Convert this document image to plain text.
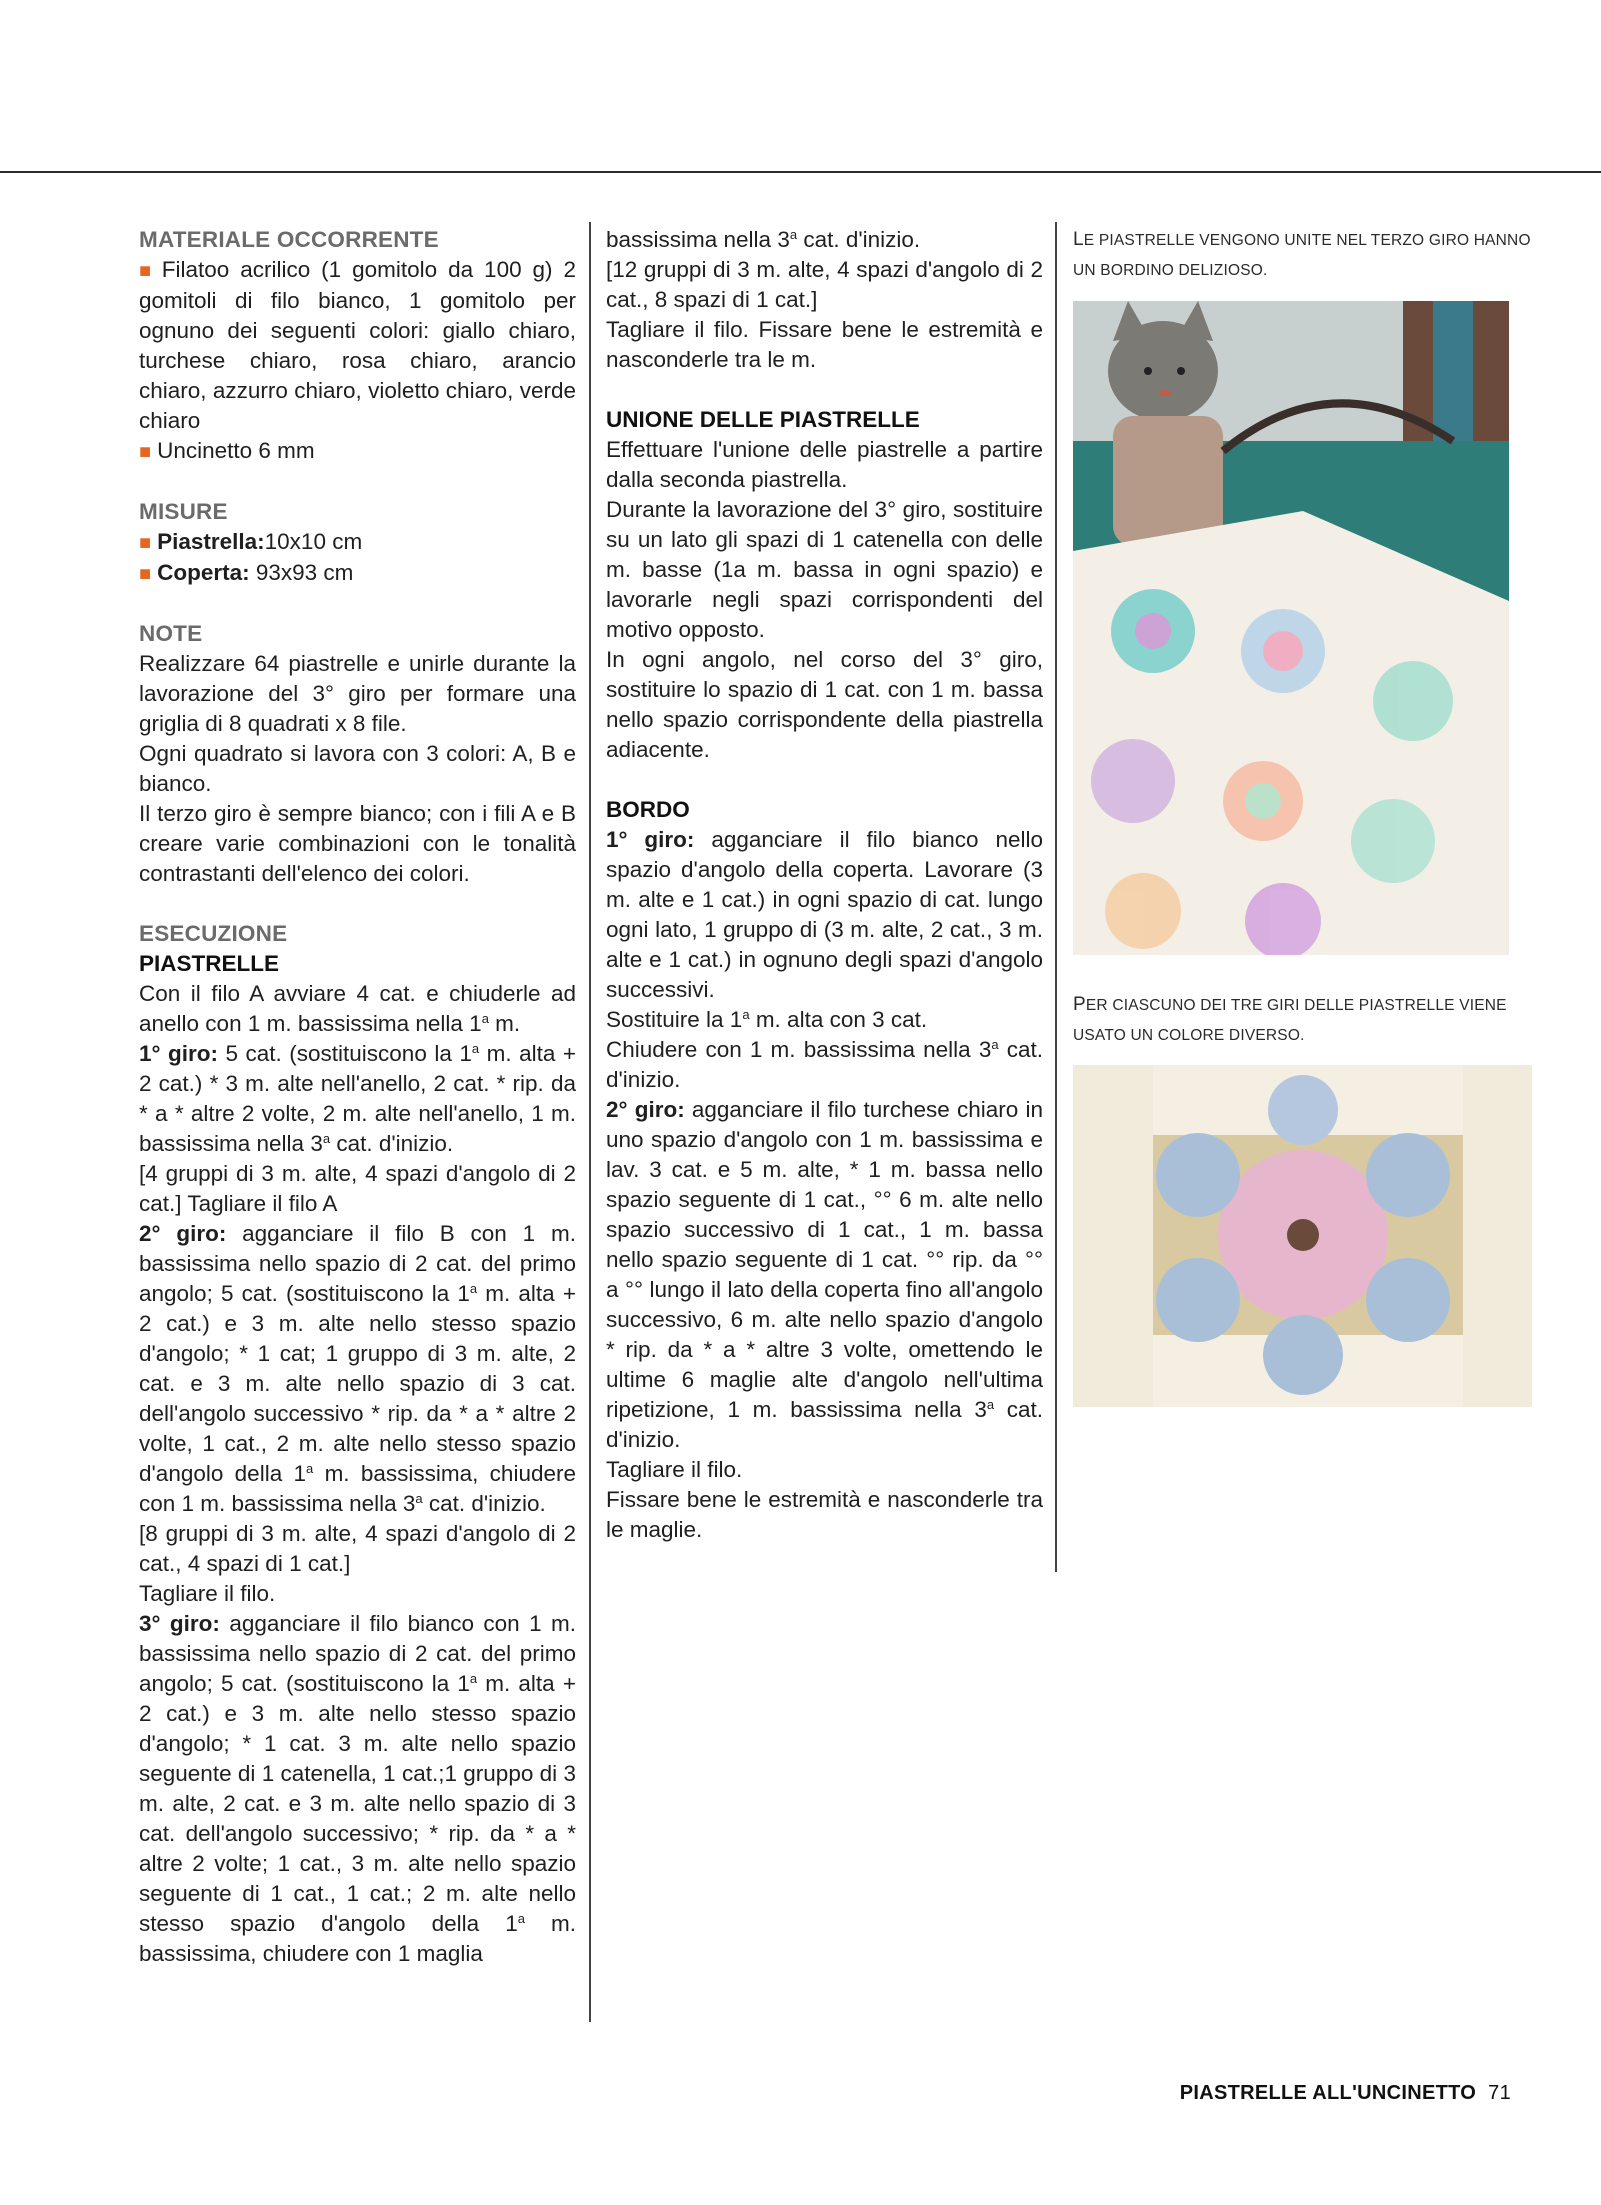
MATERIALE OCCORRENTE

■ Filatoo acrilico (1 gomitolo da 100 g) 2 gomitoli di filo bianco, 1 gomitolo per ognuno dei seguenti colori: giallo chiaro, turchese chiaro, rosa chiaro, arancio chiaro, azzurro chiaro, violetto chiaro, verde chiaro

■ Uncinetto 6 mm

MISURE

■ Piastrella:10x10 cm

■ Coperta: 93x93 cm

NOTE

Realizzare 64 piastrelle e unirle durante la lavorazione del 3° giro per formare una griglia di 8 quadrati x 8 file.

Ogni quadrato si lavora con 3 colori: A, B e bianco.

Il terzo giro è sempre bianco; con i fili A e B creare varie combinazioni con le tonalità contrastanti dell'elenco dei colori.

ESECUZIONE

PIASTRELLE

Con il filo A avviare 4 cat. e chiuderle ad anello con 1 m. bassissima nella 1$^a$ m.

1° giro: 5 cat. (sostituiscono la 1$^a$ m. alta + 2 cat.) * 3 m. alte nell'anello, 2 cat. * rip. da * a * altre 2 volte, 2 m. alte nell'anello, 1 m. bassissima nella 3$^a$ cat. d'inizio.

[4 gruppi di 3 m. alte, 4 spazi d'angolo di 2 cat.] Tagliare il filo A

2° giro: agganciare il filo B con 1 m. bassissima nello spazio di 2 cat. del primo angolo; 5 cat. (sostituiscono la 1$^a$ m. alta + 2 cat.) e 3 m. alte nello stesso spazio d'angolo; * 1 cat; 1 gruppo di 3 m. alte, 2 cat. e 3 m. alte nello spazio di 3 cat. dell'angolo successivo * rip. da * a * altre 2 volte, 1 cat., 2 m. alte nello stesso spazio d'angolo della 1$^a$ m. bassissima, chiudere con 1 m. bassissima nella 3$^a$ cat. d'inizio.

[8 gruppi di 3 m. alte, 4 spazi d'angolo di 2 cat., 4 spazi di 1 cat.]

Tagliare il filo.

3° giro: agganciare il filo bianco con 1 m. bassissima nello spazio di 2 cat. del primo angolo; 5 cat. (sostituiscono la 1$^a$ m. alta + 2 cat.) e 3 m. alte nello stesso spazio d'angolo; * 1 cat. 3 m. alte nello spazio seguente di 1 catenella, 1 cat.;1 gruppo di 3 m. alte, 2 cat. e 3 m. alte nello spazio di 3 cat. dell'angolo successivo; * rip. da * a * altre 2 volte; 1 cat., 3 m. alte nello spazio seguente di 1 cat., 1 cat.; 2 m. alte nello stesso spazio d'angolo della 1$^a$ m. bassissima, chiudere con 1 maglia

bassissima nella 3$^a$ cat. d'inizio.

[12 gruppi di 3 m. alte, 4 spazi d'angolo di 2 cat., 8 spazi di 1 cat.]

Tagliare il filo. Fissare bene le estremità e nasconderle tra le m.

UNIONE DELLE PIASTRELLE

Effettuare l'unione delle piastrelle a partire dalla seconda piastrella.

Durante la lavorazione del 3° giro, sostituire su un lato gli spazi di 1 catenella con delle m. basse (1a m. bassa in ogni spazio) e lavorarle negli spazi corrispondenti del motivo opposto.

In ogni angolo, nel corso del 3° giro, sostituire lo spazio di 1 cat. con 1 m. bassa nello spazio corrispondente della piastrella adiacente.

BORDO

1° giro: agganciare il filo bianco nello spazio d'angolo della coperta. Lavorare (3 m. alte e 1 cat.) in ogni spazio di cat. lungo ogni lato, 1 gruppo di (3 m. alte, 2 cat., 3 m. alte e 1 cat.) in ognuno degli spazi d'angolo successivi.

Sostituire la 1$^a$ m. alta con 3 cat.

Chiudere con 1 m. bassissima nella 3$^a$ cat. d'inizio.

2° giro: agganciare il filo turchese chiaro in uno spazio d'angolo con 1 m. bassissima e lav. 3 cat. e 5 m. alte, * 1 m. bassa nello spazio seguente di 1 cat., °° 6 m. alte nello spazio successivo di 1 cat., 1 m. bassa nello spazio seguente di 1 cat. °° rip. da °° a °° lungo il lato della coperta fino all'angolo successivo, 6 m. alte nello spazio d'angolo * rip. da * a * altre 3 volte, omettendo le ultime 6 maglie alte d'angolo nell'ultima ripetizione, 1 m. bassissima nella 3$^a$ cat. d'inizio.

Tagliare il filo.

Fissare bene le estremità e nasconderle tra le maglie.

LE PIASTRELLE VENGONO UNITE NEL TERZO GIRO HANNO UN BORDINO DELIZIOSO.

PER CIASCUNO DEI TRE GIRI DELLE PIASTRELLE VIENE USATO UN COLORE DIVERSO.

PIASTRELLE ALL'UNCINETTO 71
